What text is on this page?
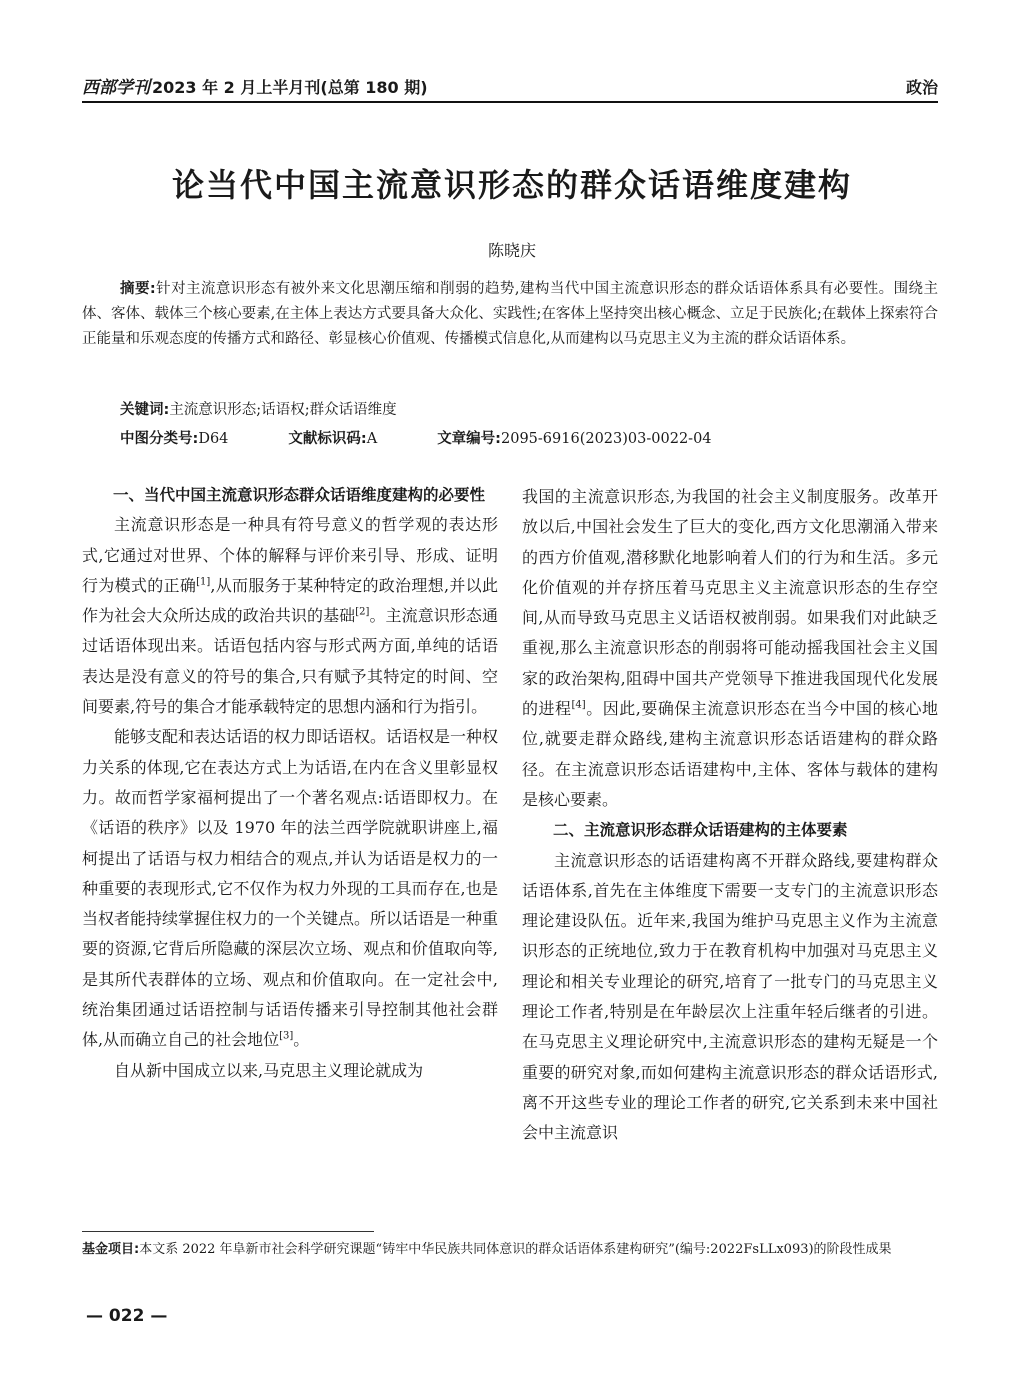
西部学刊 2023 年 2 月上半月刊(总第 180 期)	政治
论当代中国主流意识形态的群众话语维度建构
陈晓庆
摘要:针对主流意识形态有被外来文化思潮压缩和削弱的趋势,建构当代中国主流意识形态的群众话语体系具有必要性。围绕主体、客体、载体三个核心要素,在主体上表达方式要具备大众化、实践性;在客体上坚持突出核心概念、立足于民族化;在载体上探索符合正能量和乐观态度的传播方式和路径、彰显核心价值观、传播模式信息化,从而建构以马克思主义为主流的群众话语体系。
关键词:主流意识形态;话语权;群众话语维度
中图分类号:D64	文献标识码:A	文章编号:2095-6916(2023)03-0022-04
一、当代中国主流意识形态群众话语维度建构的必要性

主流意识形态是一种具有符号意义的哲学观的表达形式,它通过对世界、个体的解释与评价来引导、形成、证明行为模式的正确[1],从而服务于某种特定的政治理想,并以此作为社会大众所达成的政治共识的基础[2]。主流意识形态通过话语体现出来。话语包括内容与形式两方面,单纯的话语表达是没有意义的符号的集合,只有赋予其特定的时间、空间要素,符号的集合才能承载特定的思想内涵和行为指引。

能够支配和表达话语的权力即话语权。话语权是一种权力关系的体现,它在表达方式上为话语,在内在含义里彰显权力。故而哲学家福柯提出了一个著名观点:话语即权力。在《话语的秩序》以及 1970 年的法兰西学院就职讲座上,福柯提出了话语与权力相结合的观点,并认为话语是权力的一种重要的表现形式,它不仅作为权力外现的工具而存在,也是当权者能持续掌握住权力的一个关键点。所以话语是一种重要的资源,它背后所隐藏的深层次立场、观点和价值取向等,是其所代表群体的立场、观点和价值取向。在一定社会中,统治集团通过话语控制与话语传播来引导控制其他社会群体,从而确立自己的社会地位[3]。

自从新中国成立以来,马克思主义理论就成为

我国的主流意识形态,为我国的社会主义制度服务。改革开放以后,中国社会发生了巨大的变化,西方文化思潮涌入带来的西方价值观,潜移默化地影响着人们的行为和生活。多元化价值观的并存挤压着马克思主义主流意识形态的生存空间,从而导致马克思主义话语权被削弱。如果我们对此缺乏重视,那么主流意识形态的削弱将可能动摇我国社会主义国家的政治架构,阻碍中国共产党领导下推进我国现代化发展的进程[4]。因此,要确保主流意识形态在当今中国的核心地位,就要走群众路线,建构主流意识形态话语建构的群众路径。在主流意识形态话语建构中,主体、客体与载体的建构是核心要素。

二、主流意识形态群众话语建构的主体要素

主流意识形态的话语建构离不开群众路线,要建构群众话语体系,首先在主体维度下需要一支专门的主流意识形态理论建设队伍。近年来,我国为维护马克思主义作为主流意识形态的正统地位,致力于在教育机构中加强对马克思主义理论和相关专业理论的研究,培育了一批专门的马克思主义理论工作者,特别是在年龄层次上注重年轻后继者的引进。在马克思主义理论研究中,主流意识形态的建构无疑是一个重要的研究对象,而如何建构主流意识形态的群众话语形式,离不开这些专业的理论工作者的研究,它关系到未来中国社会中主流意识

基金项目:本文系 2022 年阜新市社会科学研究课题“铸牢中华民族共同体意识的群众话语体系建构研究”(编号:2022FsLLx093)的阶段性成果
— 022 —
